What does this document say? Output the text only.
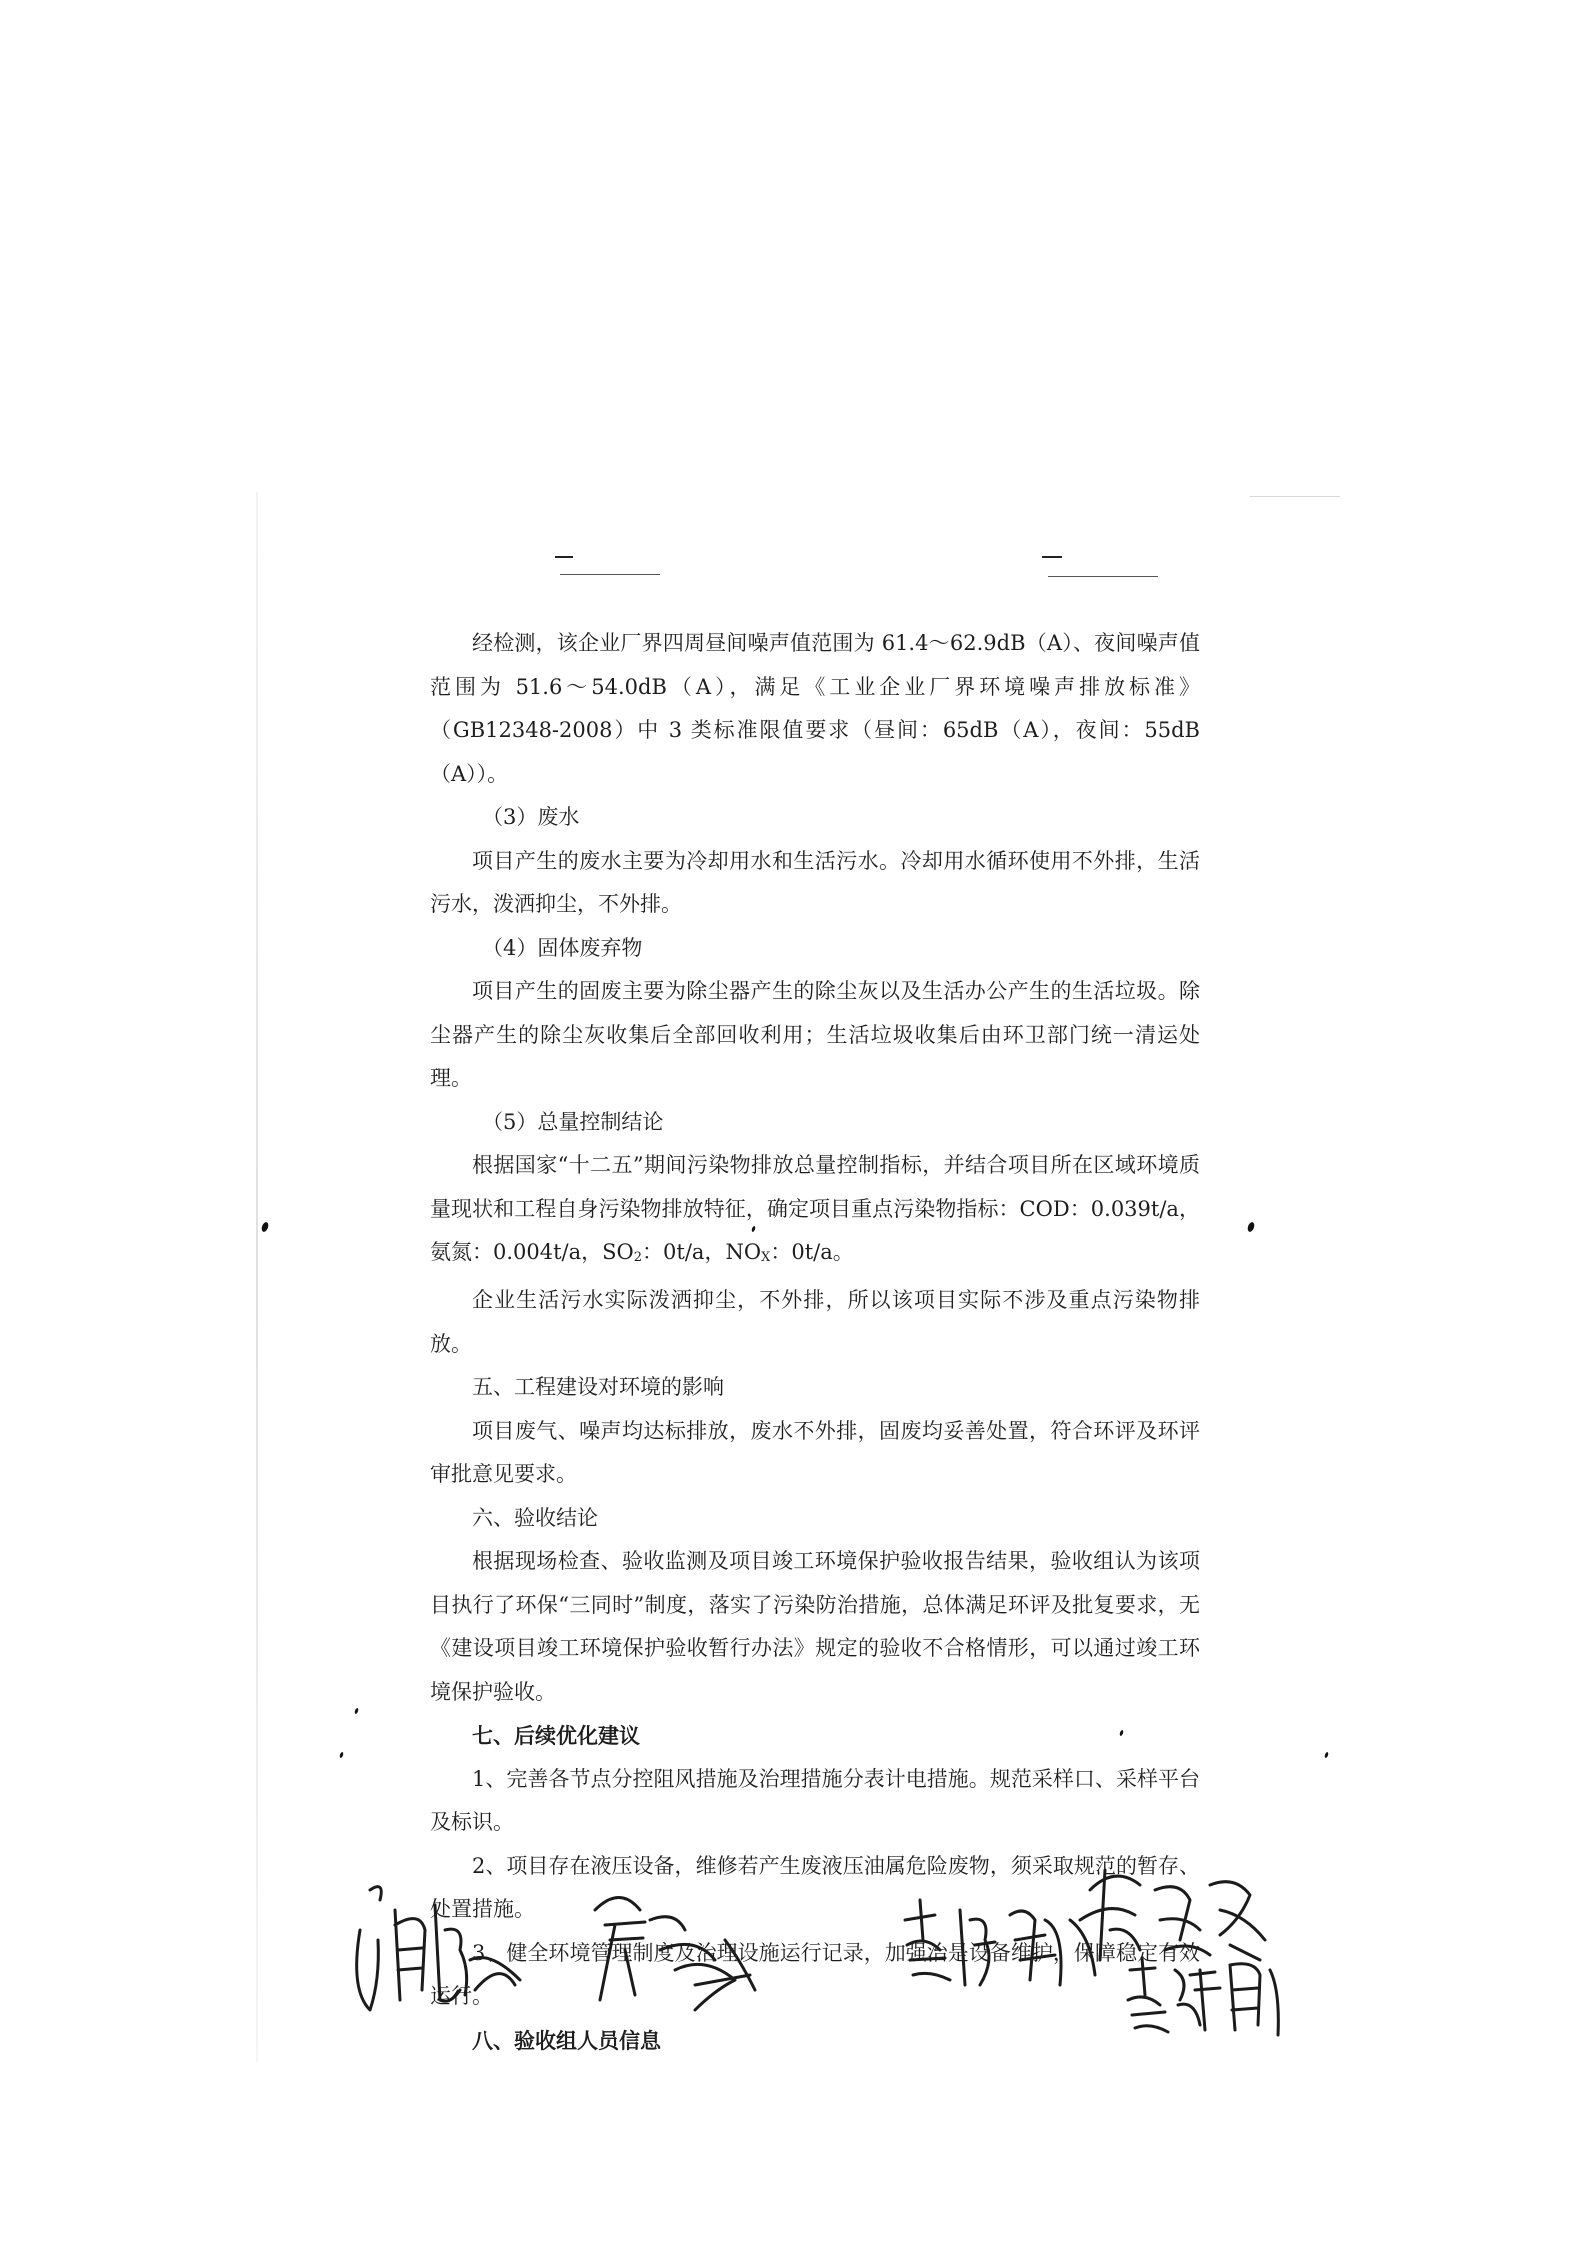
经检测，该企业厂界四周昼间噪声值范围为 61.4～62.9dB（A）、夜间噪声值范围为 51.6～54.0dB（A），满足《工业企业厂界环境噪声排放标准》（GB12348-2008）中 3 类标准限值要求（昼间：65dB（A），夜间：55dB（A））。

（3）废水

项目产生的废水主要为冷却用水和生活污水。冷却用水循环使用不外排，生活污水，泼洒抑尘，不外排。

（4）固体废弃物

项目产生的固废主要为除尘器产生的除尘灰以及生活办公产生的生活垃圾。除尘器产生的除尘灰收集后全部回收利用；生活垃圾收集后由环卫部门统一清运处理。

（5）总量控制结论

根据国家“十二五”期间污染物排放总量控制指标，并结合项目所在区域环境质量现状和工程自身污染物排放特征，确定项目重点污染物指标：COD：0.039t/a，氨氮：0.004t/a，$SO_2$：0t/a，$NO_X$：0t/a。

企业生活污水实际泼洒抑尘，不外排，所以该项目实际不涉及重点污染物排放。

五、工程建设对环境的影响

项目废气、噪声均达标排放，废水不外排，固废均妥善处置，符合环评及环评审批意见要求。

六、验收结论

根据现场检查、验收监测及项目竣工环境保护验收报告结果，验收组认为该项目执行了环保“三同时”制度，落实了污染防治措施，总体满足环评及批复要求，无《建设项目竣工环境保护验收暂行办法》规定的验收不合格情形，可以通过竣工环境保护验收。

七、后续优化建议

1、完善各节点分控阻风措施及治理措施分表计电措施。规范采样口、采样平台及标识。

2、项目存在液压设备，维修若产生废液压油属危险废物，须采取规范的暂存、处置措施。

3、健全环境管理制度及治理设施运行记录，加强治是设备维护，保障稳定有效运行。

八、验收组人员信息
